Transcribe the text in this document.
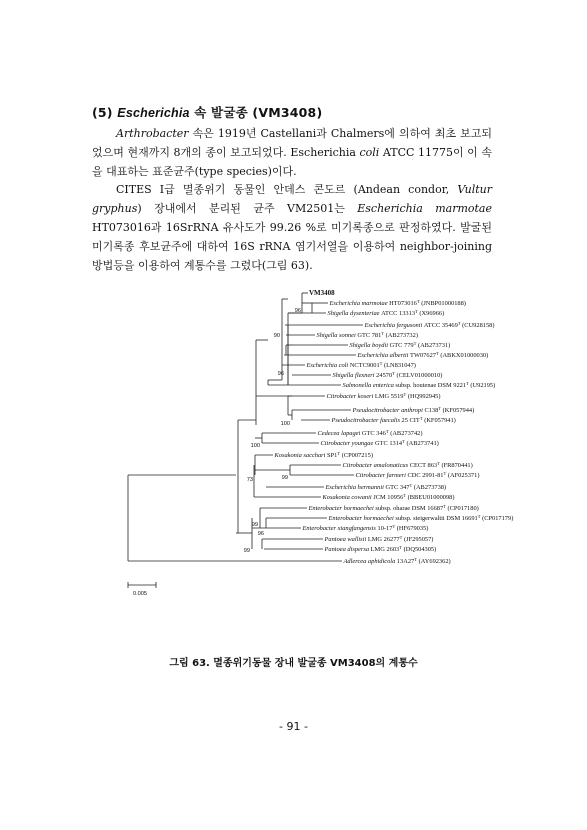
(5) Escherichia 속 발굴종 (VM3408)

Arthrobacter 속은 1919년 Castellani과 Chalmers에 의하여 최초 보고되었으며 현재까지 8개의 종이 보고되었다. Escherichia coli ATCC 11775이 이 속을 대표하는 표준균주(type species)이다.

CITES I급 멸종위기 동물인 안데스 콘도르 (Andean condor, Vultur gryphus) 장내에서 분리된 균주 VM2501는 Escherichia marmotae HT073016과 16SrRNA 유사도가 99.26 %로 미기록종으로 판정하였다. 발굴된 미기록종 후보균주에 대하여 16S rRNA 염기서열을 이용하여 neighbor-joining 방법등을 이용하여 계통수를 그렸다(그림 63).

VM3408
Escherichia marmotae $HT073016^T$ (JNBP01000188)
Shigella dysenteriae ATCC $13313^T$ (X96966)
Escherichia fergusonii ATCC $35469^T$ (CU928158)
Shigella sonnei GTC $781^T$ (AB273732)
Shigella boydii GTC $779^T$ (AB273731)
Escherichia albertii $TW07627^T$ (ABKX01000030)
Escherichia coli $NCTC9001^T$ (LN831047)
Shigella flexneri $24570^T$ (CELV01000010)
Salmonella enterica subsp. houtenae DSM $9221^T$ (U92195)
Citrobacter koseri LMG $5519^T$ (HQ992945)
Pseudocitrobacter anthropi $C138^T$ (KF057944)
Pseudocitrobacter faecalis 25 $CIT^T$ (KF057941)
Cedecea lapagei GTC $346^T$ (AB273742)
Citrobacter youngae GTC $1314^T$ (AB273741)
Kosakonia sacchari $SP1^T$ (CP007215)
Citrobacter amalonaticus CECT $863^T$ (FR870441)
Citrobacter farmeri CDC $2991-81^T$ (AF025371)
Escherichia hermannii GTC $347^T$ (AB273738)
Kosakonia cowanii JCM $10956^T$ (BBEU01000098)
Enterobacter hormaechei subsp. oharae DSM $16687^T$ (CP017180)
Enterobacter hormaechei subsp. steigerwaltii DSM $16691^T$ (CP017179)
Enterobacter xiangfangensis $10-17^T$ (HF679035)
Pantoea wallisii LMG $26277^T$ (JF295057)
Pantoea dispersa LMG $2603^T$ (DQ504305)
Adlercea aphidicola $13A27^T$ (AY692362)
96
90
96
100
100
73	99
99
96
99
0.005
그림 63. 멸종위기동물 장내 발굴종 VM3408의 계통수
- 91 -
